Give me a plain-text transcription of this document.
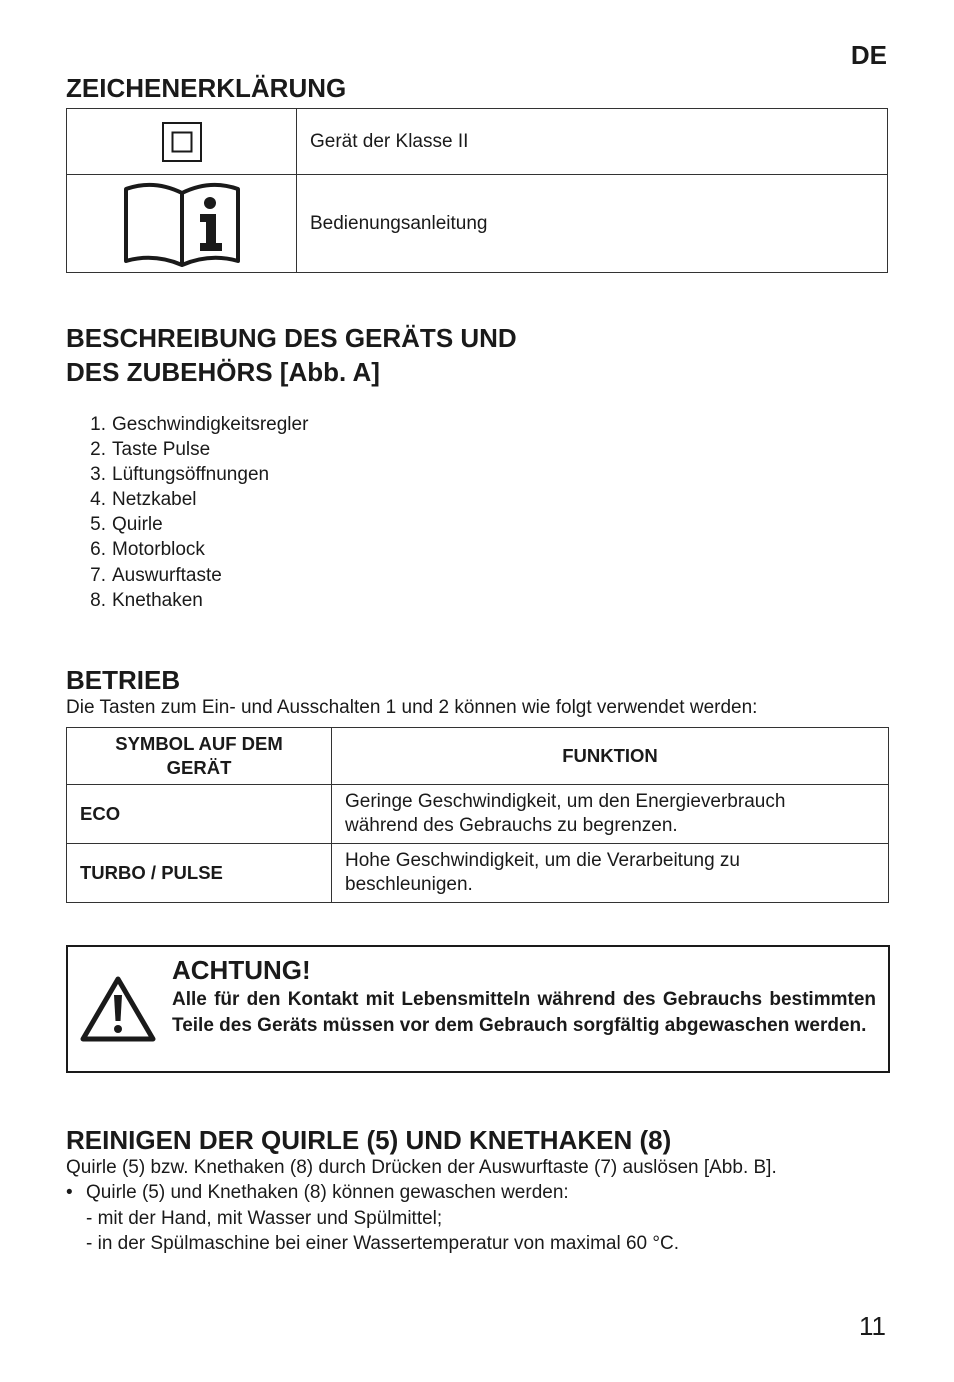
DE
ZEICHENERKLÄRUNG
	Gerät der Klasse II

	Bedienungsanleitung
BESCHREIBUNG DES GERÄTS UND
DES ZUBEHÖRS [Abb. A]
1. Geschwindigkeitsregler
2. Taste Pulse
3. Lüftungsöffnungen
4. Netzkabel
5. Quirle
6. Motorblock
7. Auswurftaste
8. Knethaken
BETRIEB
Die Tasten zum Ein- und Ausschalten 1 und 2 können wie folgt verwendet werden:
SYMBOL AUF DEM
GERÄT	FUNKTION
ECO	Geringe Geschwindigkeit, um den Energieverbrauch
während des Gebrauchs zu begrenzen.

TURBO / PULSE	Hohe Geschwindigkeit, um die Verarbeitung zu
beschleunigen.
ACHTUNG!
Alle für den Kontakt mit Lebensmitteln während des Gebrauchs bestimmten Teile des Geräts müssen vor dem Gebrauch sorgfältig abgewaschen werden.
REINIGEN DER QUIRLE (5) UND KNETHAKEN (8)
Quirle (5) bzw. Knethaken (8) durch Drücken der Auswurftaste (7) auslösen [Abb. B].
• Quirle (5) und Knethaken (8) können gewaschen werden:
- mit der Hand, mit Wasser und Spülmittel;
- in der Spülmaschine bei einer Wassertemperatur von maximal 60 °C.
11
